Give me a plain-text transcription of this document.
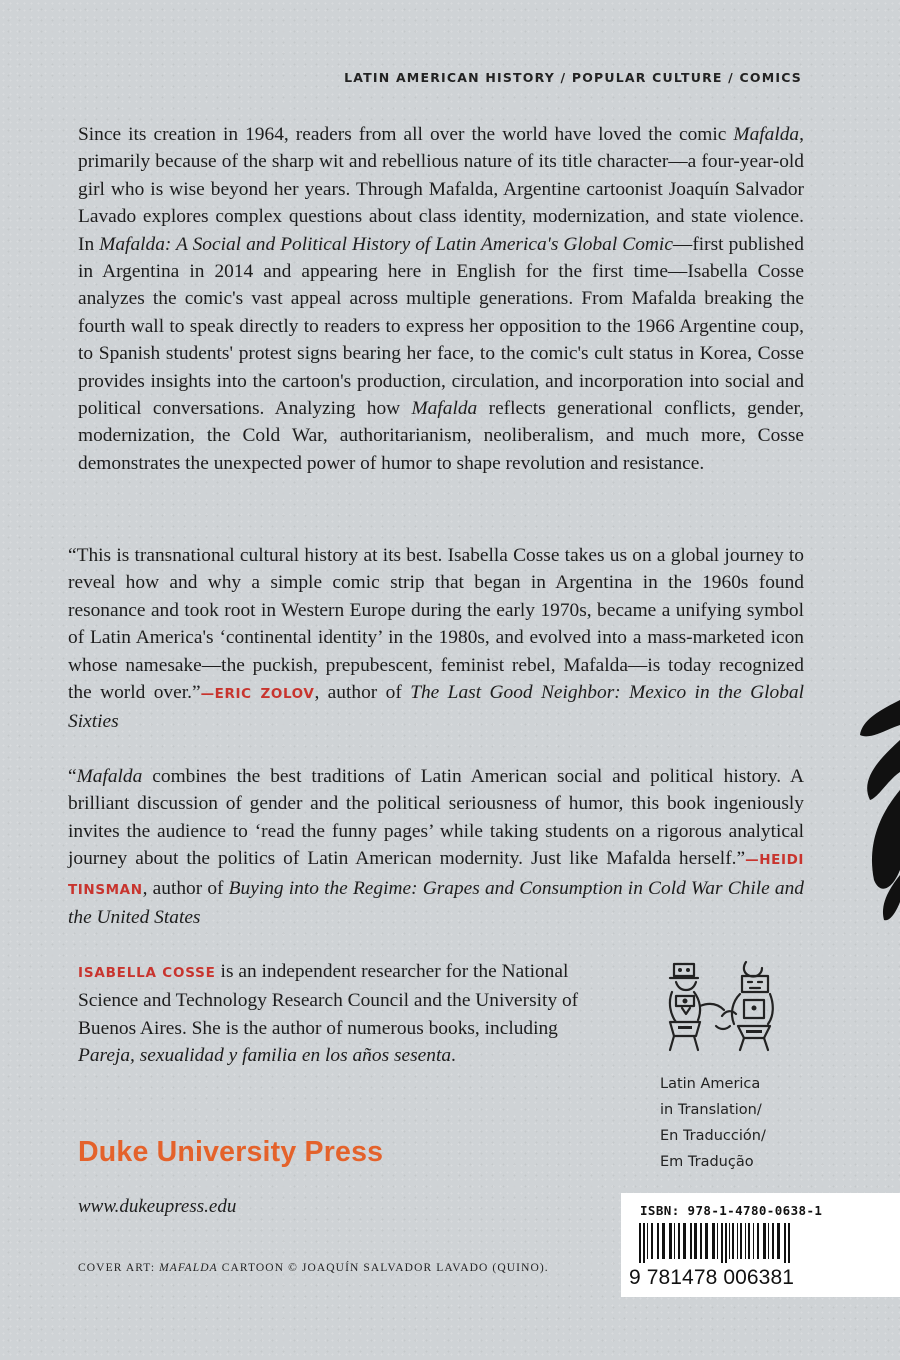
LATIN AMERICAN HISTORY / POPULAR CULTURE / COMICS
Since its creation in 1964, readers from all over the world have loved the comic Mafalda, primarily because of the sharp wit and rebellious nature of its title character—a four-year-old girl who is wise beyond her years. Through Mafalda, Argentine cartoonist Joaquín Salvador Lavado explores complex questions about class identity, modernization, and state violence. In Mafalda: A Social and Political History of Latin America's Global Comic—first published in Argentina in 2014 and appearing here in English for the first time—Isabella Cosse analyzes the comic's vast appeal across multiple generations. From Mafalda breaking the fourth wall to speak directly to readers to express her opposition to the 1966 Argentine coup, to Spanish students' protest signs bearing her face, to the comic's cult status in Korea, Cosse provides insights into the cartoon's production, circulation, and incorporation into social and political conversations. Analyzing how Mafalda reflects generational conflicts, gender, modernization, the Cold War, authoritarianism, neoliberalism, and much more, Cosse demonstrates the unexpected power of humor to shape revolution and resistance.
“This is transnational cultural history at its best. Isabella Cosse takes us on a global journey to reveal how and why a simple comic strip that began in Argentina in the 1960s found resonance and took root in Western Europe during the early 1970s, became a unifying symbol of Latin America's ‘continental identity’ in the 1980s, and evolved into a mass-marketed icon whose namesake—the puckish, prepubescent, feminist rebel, Mafalda—is today recognized the world over.”—ERIC ZOLOV, author of The Last Good Neighbor: Mexico in the Global Sixties
“Mafalda combines the best traditions of Latin American social and political history. A brilliant discussion of gender and the political seriousness of humor, this book ingeniously invites the audience to ‘read the funny pages’ while taking students on a rigorous analytical journey about the politics of Latin American modernity. Just like Mafalda herself.”—HEIDI TINSMAN, author of Buying into the Regime: Grapes and Consumption in Cold War Chile and the United States
ISABELLA COSSE is an independent researcher for the National Science and Technology Research Council and the University of Buenos Aires. She is the author of numerous books, including Pareja, sexualidad y familia en los años sesenta.
Latin America
in Translation/
En Traducción/
Em Tradução
Duke University Press
www.dukeupress.edu
COVER ART: MAFALDA CARTOON © JOAQUÍN SALVADOR LAVADO (QUINO).
ISBN: 978-1-4780-0638-1
9 781478 006381
